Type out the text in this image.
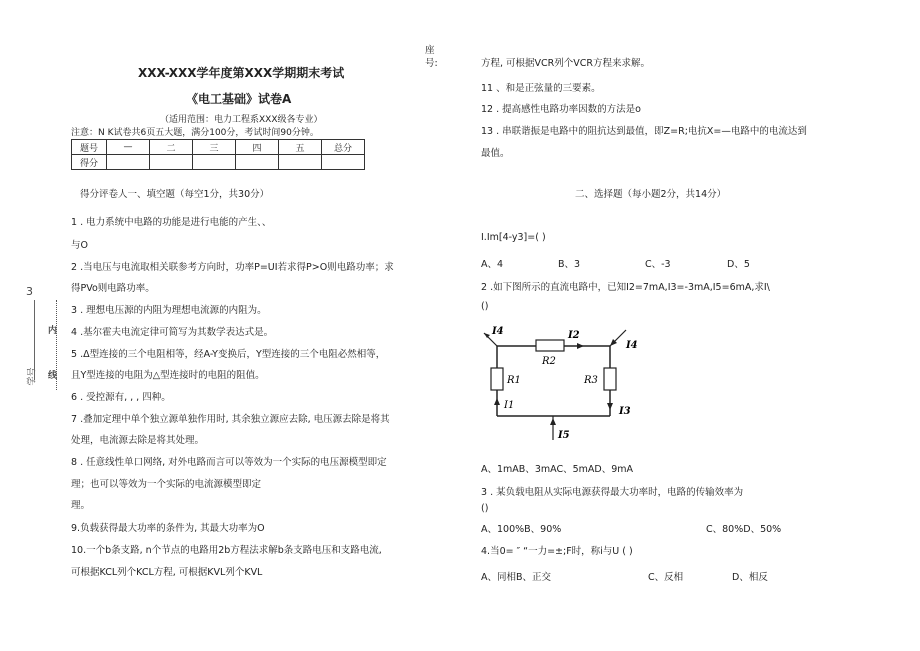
座
号:
XXX-XXX学年度第XXX学期期末考试
《电工基础》试卷A
（适用范围：电力工程系XXX级各专业）
注意：N K试卷共6页五大题，满分100分，考试时间90分钟。
题号	—	二	三	四	五	总分
得分						
3
学号
内
线
得分评卷人一、填空题（每空1分，共30分）
1 . 电力系统中电路的功能是进行电能的产生、、
与O
2 .当电压与电流取相关联参考方向时，功率P=UI若求得P>O则电路功率；求
得PVo则电路功率。
3 . 理想电压源的内阻为理想电流源的内阻为。
4 .基尔霍夫电流定律可简写为其数学表达式是。
5 .Δ型连接的三个电阻相等，经A-Y变换后，Y型连接的三个电阻必然相等，
且Y型连接的电阻为△型连接时的电阻的阻值。
6 . 受控源有, , , 四种。
7 .叠加定理中单个独立源单独作用时, 其余独立源应去除, 电压源去除是将其
处理，电流源去除是将其处理。
8 . 任意线性单口网络, 对外电路而言可以等效为一个实际的电压源模型即定
理；也可以等效为一个实际的电流源模型即定
理。
9.负载获得最大功率的条件为, 其最大功率为O
10.一个b条支路, n个节点的电路用2b方程法求解b条支路电压和支路电流,
可根据KCL列个KCL方程, 可根据KVL列个KVL
方程, 可根据VCR列个VCR方程来求解。
11 、和是正弦量的三要素。
12 . 提高感性电路功率因数的方法是o
13 . 串联谐振是电路中的阻抗达到最值，即Z=R;电抗X=—电路中的电流达到
最值。
二、选择题（每小题2分，共14分）
I.Im[4-y3]=( )
A、4	B、3	C、-3	D、5
2 .如下图所示的直流电路中，已知Ι2=7mA,Ι3=-3mA,Ι5=6mA,求Ι\
()
I4	I2
R2
I4
R1	R3
I1
I3
I5
A、1mAB、3mAC、5mAD、9mA
3 . 某负载电阻从实际电源获得最大功率时，电路的传输效率为
()
A、100%B、90%	C、80%D、50%
4.当0= ″ “一力=±;F时，称i与U ( )
A、同相B、正交	C、反相	D、相反
